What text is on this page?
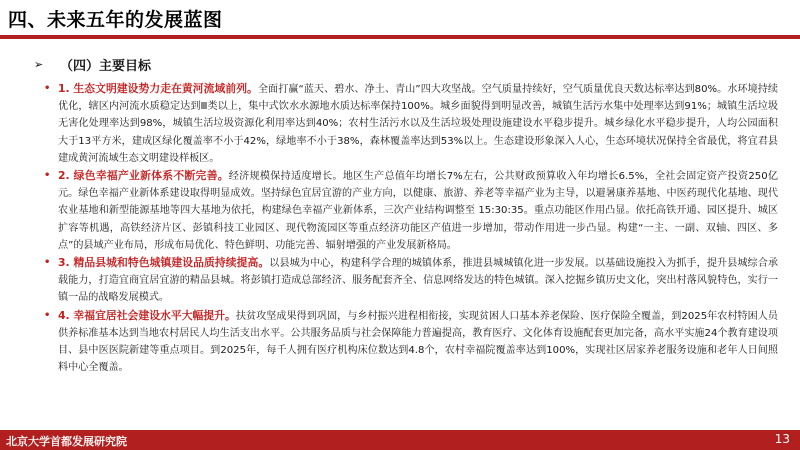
四、未来五年的发展蓝图
➢	（四）主要目标

• 1. 生态文明建设势力走在黄河流域前列。全面打赢“蓝天、碧水、净土、青山”四大攻坚战。空气质量持续好，空气质量优良天数达标率达到80%。水环境持续优化，辖区内河流水质稳定达到Ⅲ类以上，集中式饮水水源地水质达标率保持100%。城乡面貌得到明显改善，城镇生活污水集中处理率达到91%；城镇生活垃圾无害化处理率达到98%，城镇生活垃圾资源化利用率达到40%；农村生活污水以及生活垃圾处理设施建设水平稳步提升。城乡绿化水平稳步提升，人均公园面积大于13平方米，建成区绿化覆盖率不小于42%，绿地率不小于38%，森林覆盖率达到53%以上。生态建设形象深入人心，生态环境状况保持全省最优，将宜君县建成黄河流域生态文明建设样板区。

• 2. 绿色幸福产业新体系不断完善。经济规模保持适度增长。地区生产总值年均增长7%左右，公共财政预算收入年均增长6.5%，全社会固定资产投资250亿元。绿色幸福产业新体系建设取得明显成效。坚持绿色宜居宜游的产业方向，以健康、旅游、养老等幸福产业为主导，以避暑康养基地、中医药现代化基地、现代农业基地和新型能源基地等四大基地为依托，构建绿色幸福产业新体系，三次产业结构调整至 15:30:35。重点功能区作用凸显。依托高铁开通、园区提升、城区扩容等机遇，高铁经济片区、彭镇科技工业园区、现代物流园区等重点经济功能区产值进一步增加，带动作用进一步凸显。构建“一主、一副、双轴、四区、多点”的县域产业布局，形成布局优化、特色鲜明、功能完善、辐射增强的产业发展新格局。

• 3. 精品县城和特色城镇建设品质持续提高。以县城为中心，构建科学合理的城镇体系，推进县城城镇化进一步发展。以基础设施投入为抓手，提升县城综合承载能力，打造宜商宜居宜游的精品县城。将彭镇打造成总部经济、服务配套齐全、信息网络发达的特色城镇。深入挖掘乡镇历史文化，突出村落风貌特色，实行一镇一品的战略发展模式。

• 4. 幸福宜居社会建设水平大幅提升。扶贫攻坚成果得到巩固，与乡村振兴进程相衔接，实现贫困人口基本养老保险、医疗保险全覆盖，到2025年农村特困人员供养标准基本达到当地农村居民人均生活支出水平。公共服务品质与社会保障能力普遍提高，教育医疗、文化体育设施配套更加完备，高水平实施24个教育建设项目、县中医医院新建等重点项目。到2025年，每千人拥有医疗机构床位数达到4.8个，农村幸福院覆盖率达到100%，实现社区居家养老服务设施和老年人日间照料中心全覆盖。

北京大学首都发展研究院	13
